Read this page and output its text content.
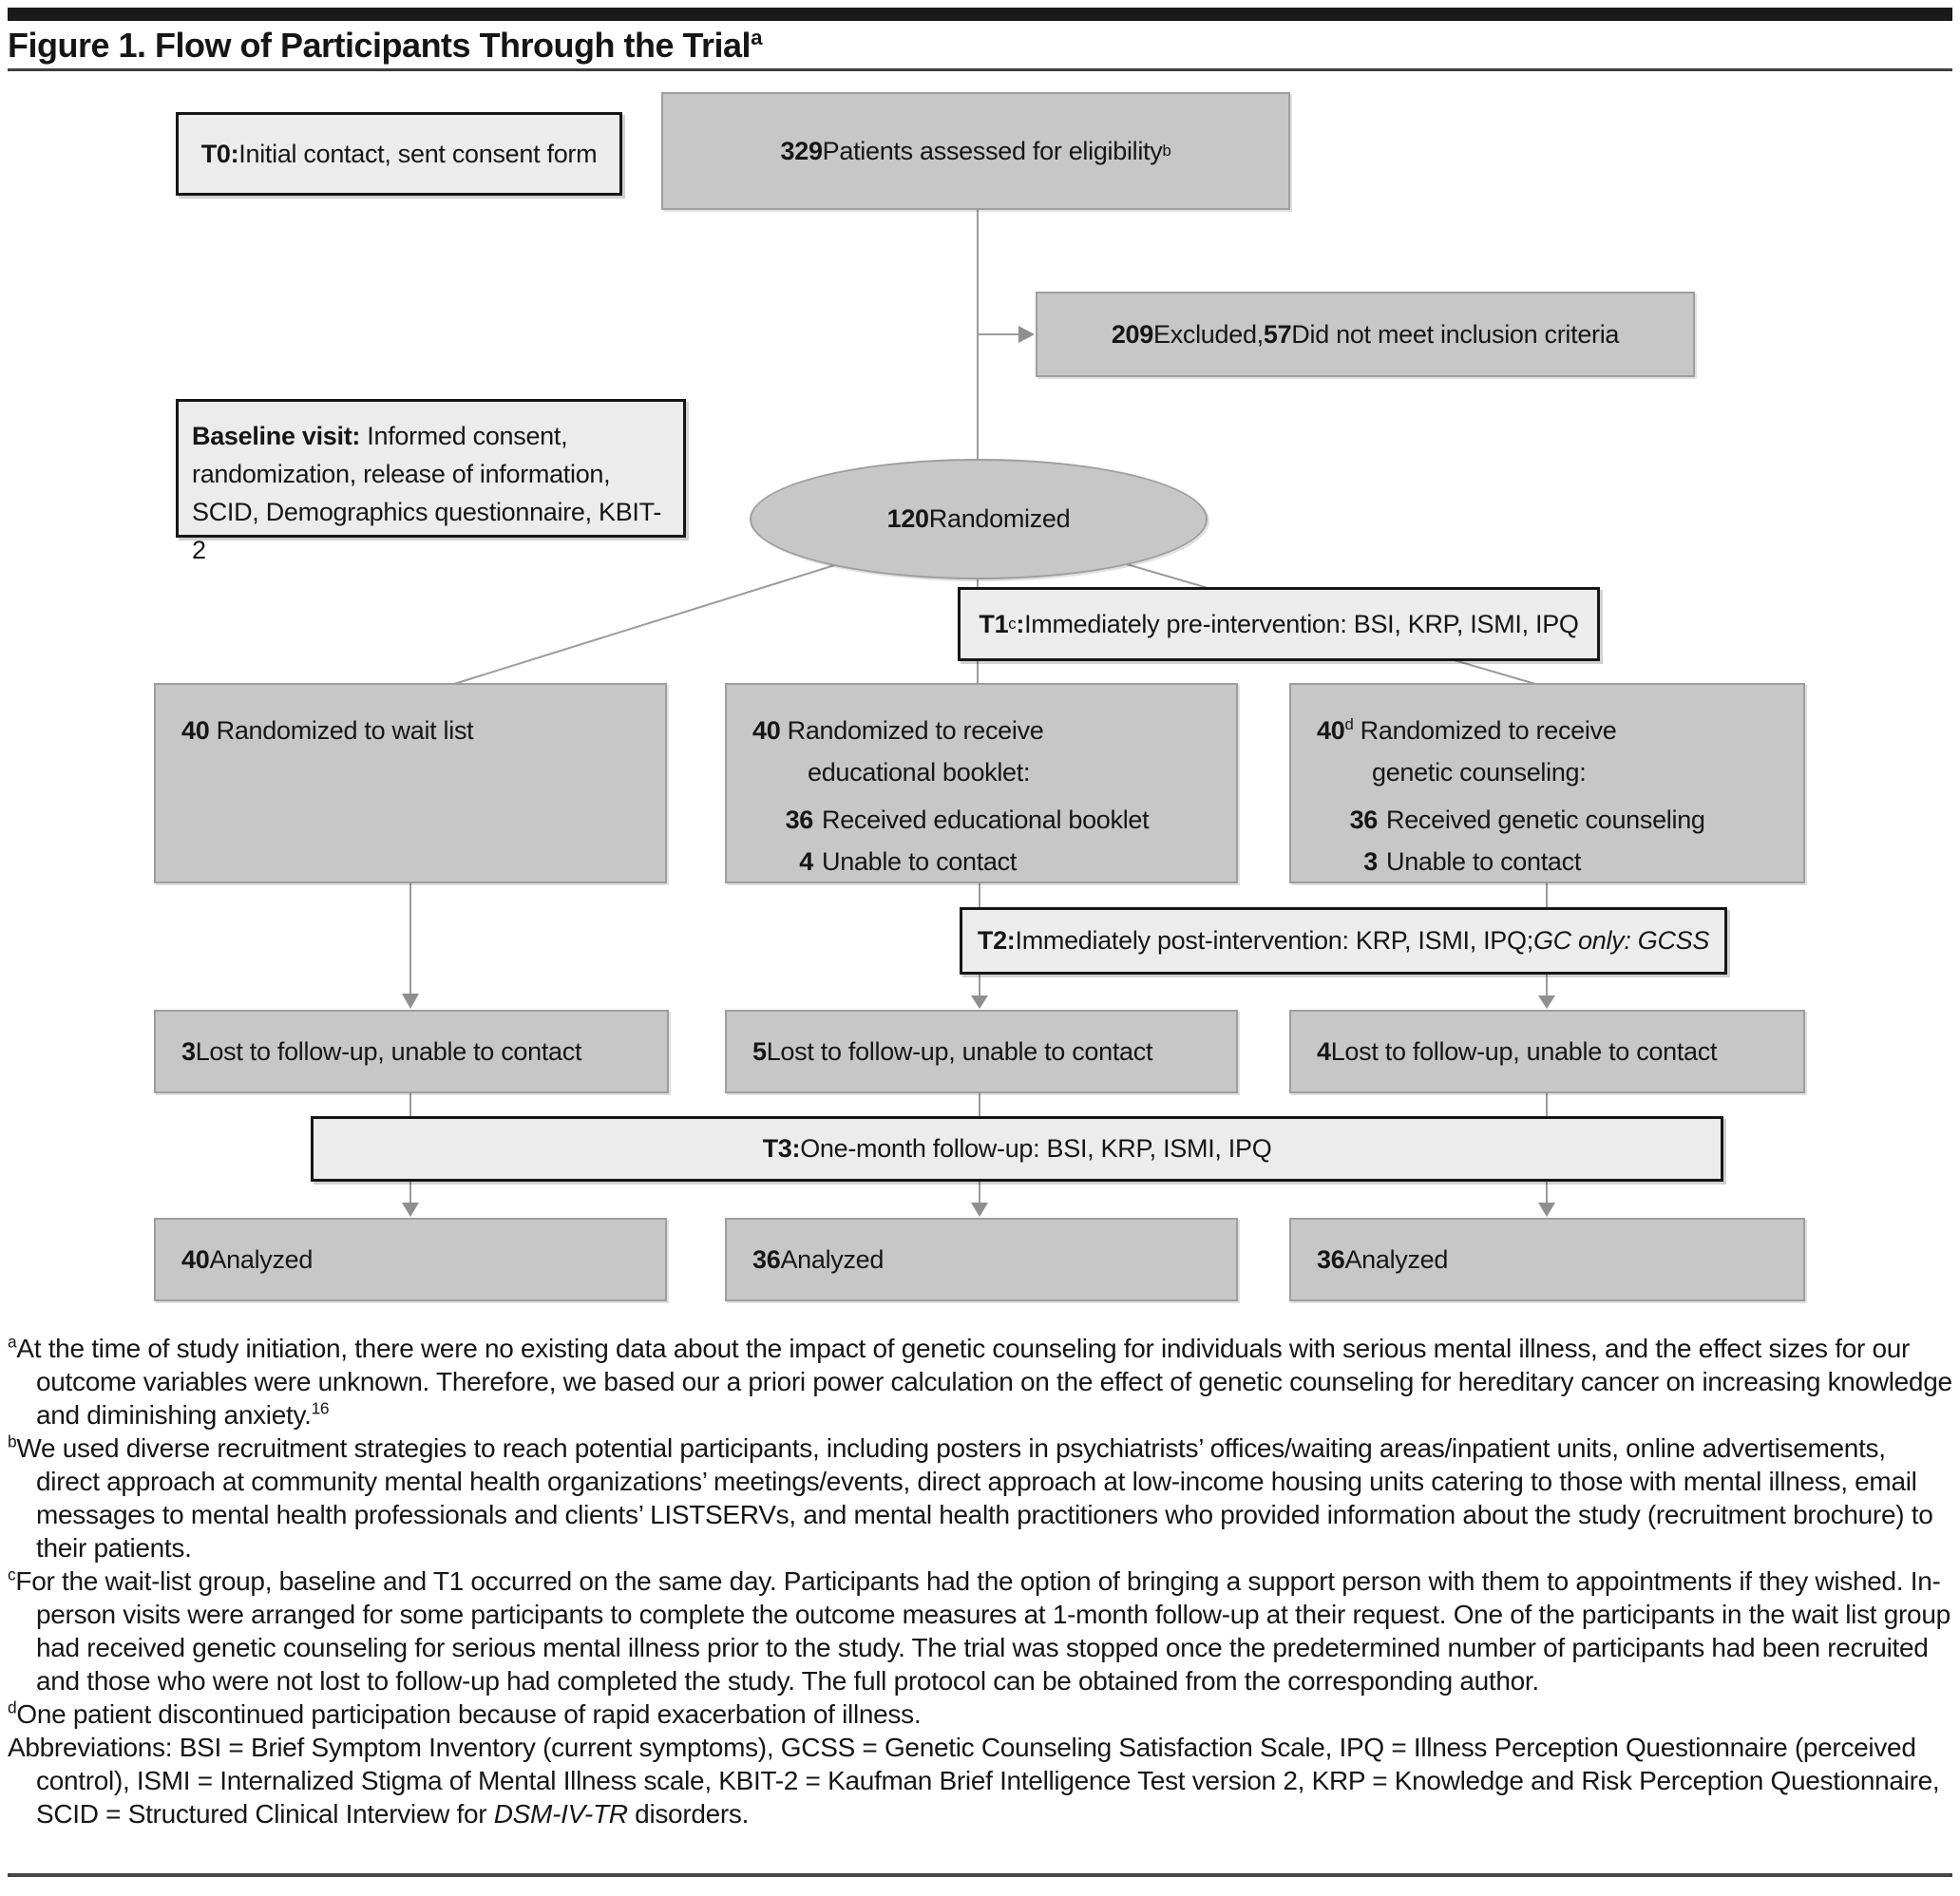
Figure 1. Flow of Participants Through the Trial$^a$
T0: Initial contact, sent consent form
Baseline visit: Informed consent,
randomization, release of information,
SCID, Demographics questionnaire, KBIT-2
T1 c : Immediately pre-intervention: BSI, KRP, ISMI, IPQ
T2: Immediately post-intervention: KRP, ISMI, IPQ; GC only: GCSS
T3: One-month follow-up: BSI, KRP, ISMI, IPQ
329 Patients assessed for eligibility b
209 Excluded, 57 Did not meet inclusion criteria
120 Randomized
40 Randomized to wait list	40 Randomized to receive
educational booklet:
36 Received educational booklet
4 Unable to contact
40$^d$ Randomized to receive
genetic counseling:
36 Received genetic counseling
3 Unable to contact
3 Lost to follow-up, unable to contact	5 Lost to follow-up, unable to contact	4 Lost to follow-up, unable to contact
40 Analyzed	36 Analyzed	36 Analyzed

$^a$At the time of study initiation, there were no existing data about the impact of genetic counseling for individuals with serious mental illness, and the effect sizes for our outcome variables were unknown. Therefore, we based our a priori power calculation on the effect of genetic counseling for hereditary cancer on increasing knowledge and diminishing anxiety.$^{16}$

$^b$We used diverse recruitment strategies to reach potential participants, including posters in psychiatrists’ offices/waiting areas/inpatient units, online advertisements, direct approach at community mental health organizations’ meetings/events, direct approach at low-income housing units catering to those with mental illness, email messages to mental health professionals and clients’ LISTSERVs, and mental health practitioners who provided information about the study (recruitment brochure) to their patients.

$^c$For the wait-list group, baseline and T1 occurred on the same day. Participants had the option of bringing a support person with them to appointments if they wished. In-person visits were arranged for some participants to complete the outcome measures at 1-month follow-up at their request. One of the participants in the wait list group had received genetic counseling for serious mental illness prior to the study. The trial was stopped once the predetermined number of participants had been recruited and those who were not lost to follow-up had completed the study. The full protocol can be obtained from the corresponding author.

$^d$One patient discontinued participation because of rapid exacerbation of illness.

Abbreviations: BSI = Brief Symptom Inventory (current symptoms), GCSS = Genetic Counseling Satisfaction Scale, IPQ = Illness Perception Questionnaire (perceived control), ISMI = Internalized Stigma of Mental Illness scale, KBIT-2 = Kaufman Brief Intelligence Test version 2, KRP = Knowledge and Risk Perception Questionnaire, SCID = Structured Clinical Interview for DSM-IV-TR disorders.
